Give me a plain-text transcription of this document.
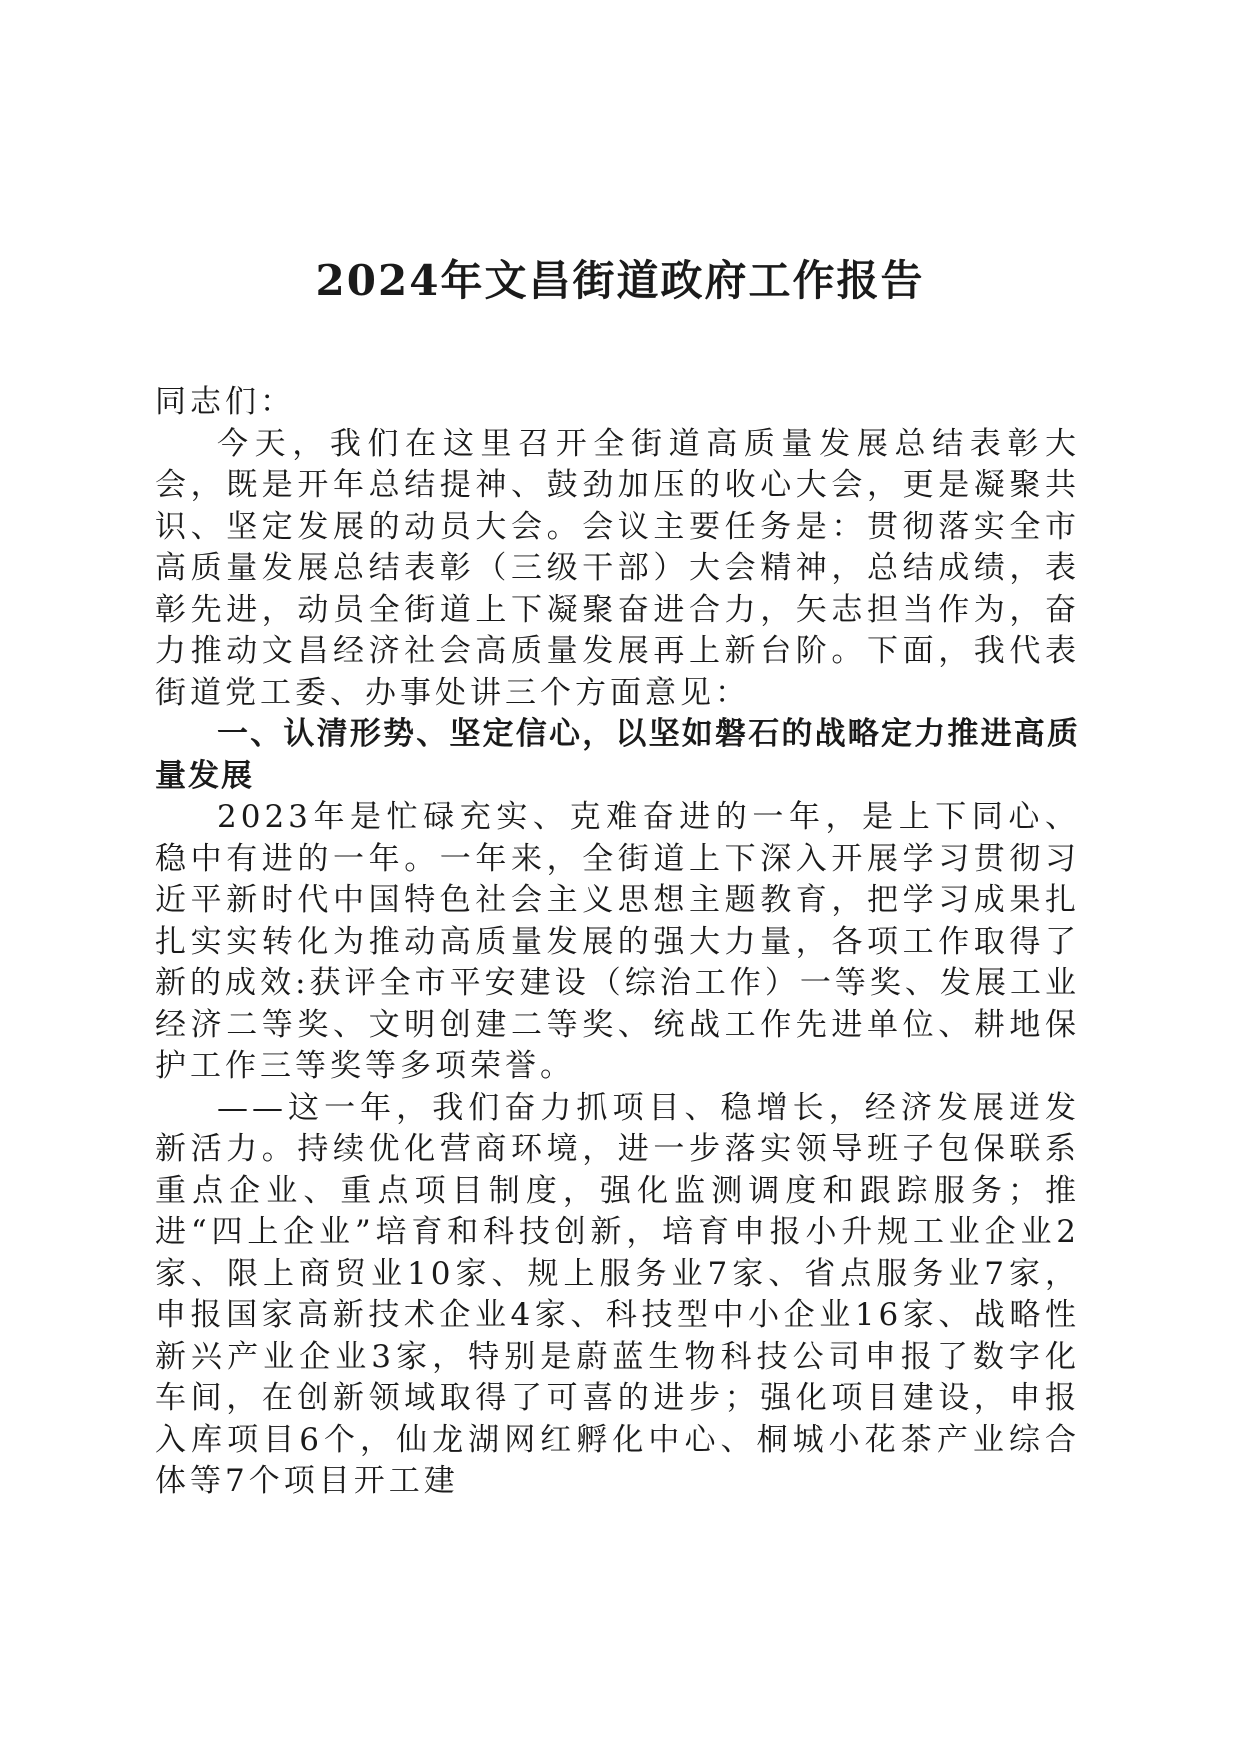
2024年文昌街道政府工作报告

同志们：

今天，我们在这里召开全街道高质量发展总结表彰大会，既是开年总结提神、鼓劲加压的收心大会，更是凝聚共识、坚定发展的动员大会。会议主要任务是：贯彻落实全市高质量发展总结表彰（三级干部）大会精神，总结成绩，表彰先进，动员全街道上下凝聚奋进合力，矢志担当作为，奋力推动文昌经济社会高质量发展再上新台阶。下面，我代表街道党工委、办事处讲三个方面意见：

一、认清形势、坚定信心，以坚如磐石的战略定力推进高质量发展

2023年是忙碌充实、克难奋进的一年，是上下同心、稳中有进的一年。一年来，全街道上下深入开展学习贯彻习近平新时代中国特色社会主义思想主题教育，把学习成果扎扎实实转化为推动高质量发展的强大力量，各项工作取得了新的成效:获评全市平安建设（综治工作）一等奖、发展工业经济二等奖、文明创建二等奖、统战工作先进单位、耕地保护工作三等奖等多项荣誉。

——这一年，我们奋力抓项目、稳增长，经济发展迸发新活力。持续优化营商环境，进一步落实领导班子包保联系重点企业、重点项目制度，强化监测调度和跟踪服务；推进“四上企业”培育和科技创新，培育申报小升规工业企业2家、限上商贸业10家、规上服务业7家、省点服务业7家，申报国家高新技术企业4家、科技型中小企业16家、战略性新兴产业企业3家，特别是蔚蓝生物科技公司申报了数字化车间，在创新领域取得了可喜的进步；强化项目建设，申报入库项目6个，仙龙湖网红孵化中心、桐城小花茶产业综合体等7个项目开工建
